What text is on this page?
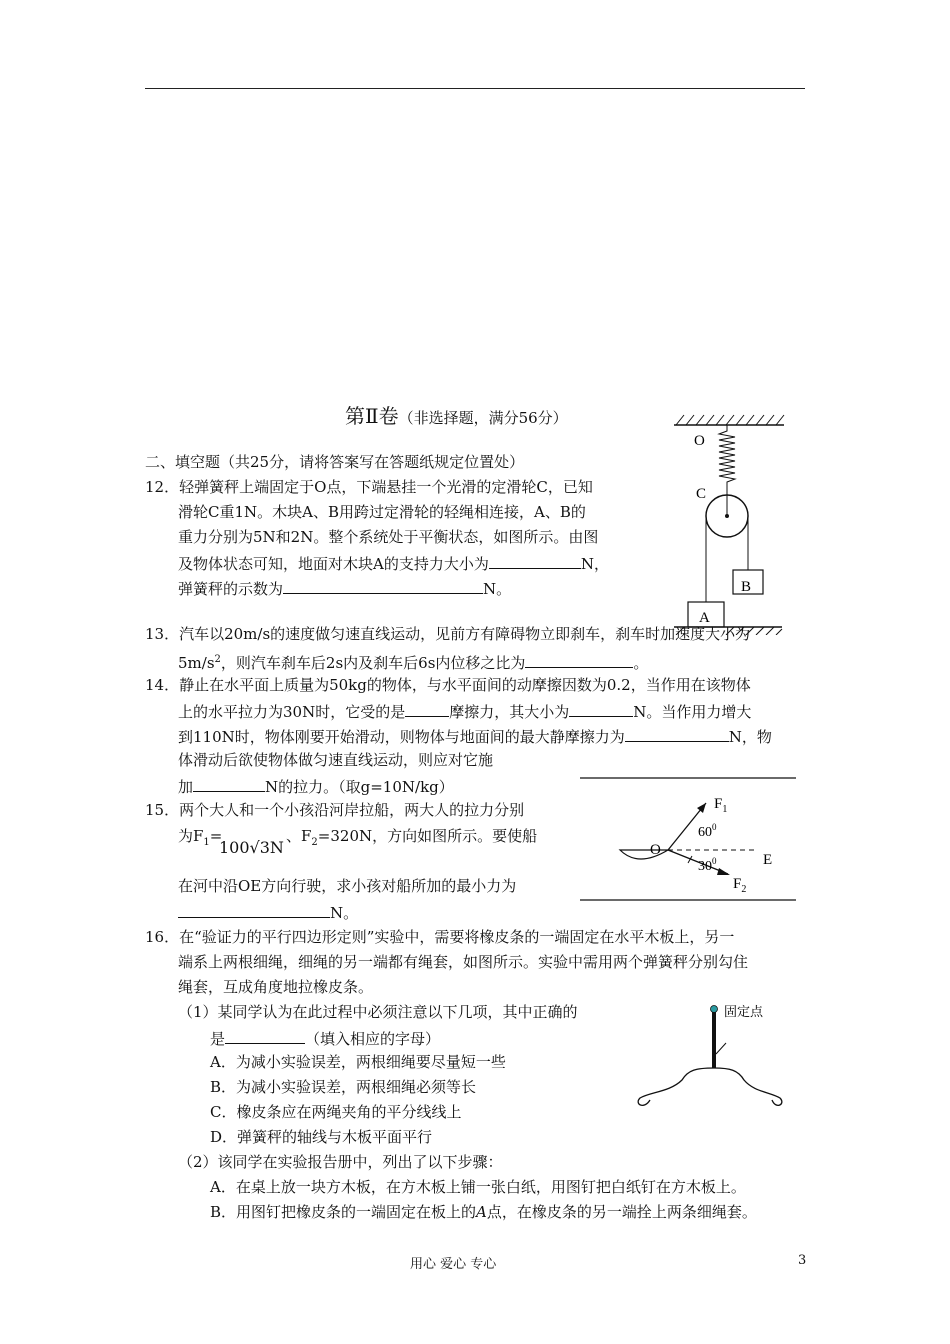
第Ⅱ卷（非选择题，满分56分）
二、填空题（共25分，请将答案写在答题纸规定位置处）
12．轻弹簧秤上端固定于O点，下端悬挂一个光滑的定滑轮C，已知
滑轮C重1N。木块A、B用跨过定滑轮的轻绳相连接，A、B的
重力分别为5N和2N。整个系统处于平衡状态，如图所示。由图
及物体状态可知，地面对木块A的支持力大小为	N，
弹簧秤的示数为	N。
O
C
B
A
13．汽车以20m/s的速度做匀速直线运动，见前方有障碍物立即刹车，刹车时加速度大小为
$5m/s^2$，则汽车刹车后2s内及刹车后6s内位移之比为	。
14．静止在水平面上质量为50kg的物体，与水平面间的动摩擦因数为0.2，当作用在该物体
上的水平拉力为30N时，它受的是	摩擦力，其大小为	N。当作用力增大
到110N时，物体刚要开始滑动，则物体与地面间的最大静摩擦力为	N，物
体滑动后欲使物体做匀速直线运动，则应对它施
加	N的拉力。（取g=10N/kg）
15．两个大人和一个小孩沿河岸拉船，两大人的拉力分别
为$F_1=$
100√3N
、$F_2=320N$，方向如图所示。要使船
在河中沿OE方向行驶，求小孩对船所加的最小力为
N。
$F_1$
E
O
$F_2$
$60^0$
$30^0$
16．在“验证力的平行四边形定则”实验中，需要将橡皮条的一端固定在水平木板上，另一
端系上两根细绳，细绳的另一端都有绳套，如图所示。实验中需用两个弹簧秤分别勾住
绳套，互成角度地拉橡皮条。
（1）某同学认为在此过程中必须注意以下几项，其中正确的
是	（填入相应的字母）
A．为减小实验误差，两根细绳要尽量短一些
B．为减小实验误差，两根细绳必须等长
C．橡皮条应在两绳夹角的平分线线上
D．弹簧秤的轴线与木板平面平行
（2）该同学在实验报告册中，列出了以下步骤：
A．在桌上放一块方木板，在方木板上铺一张白纸，用图钉把白纸钉在方木板上。
B．用图钉把橡皮条的一端固定在板上的A点，在橡皮条的另一端拴上两条细绳套。
固定点
用心 爱心 专心	3
